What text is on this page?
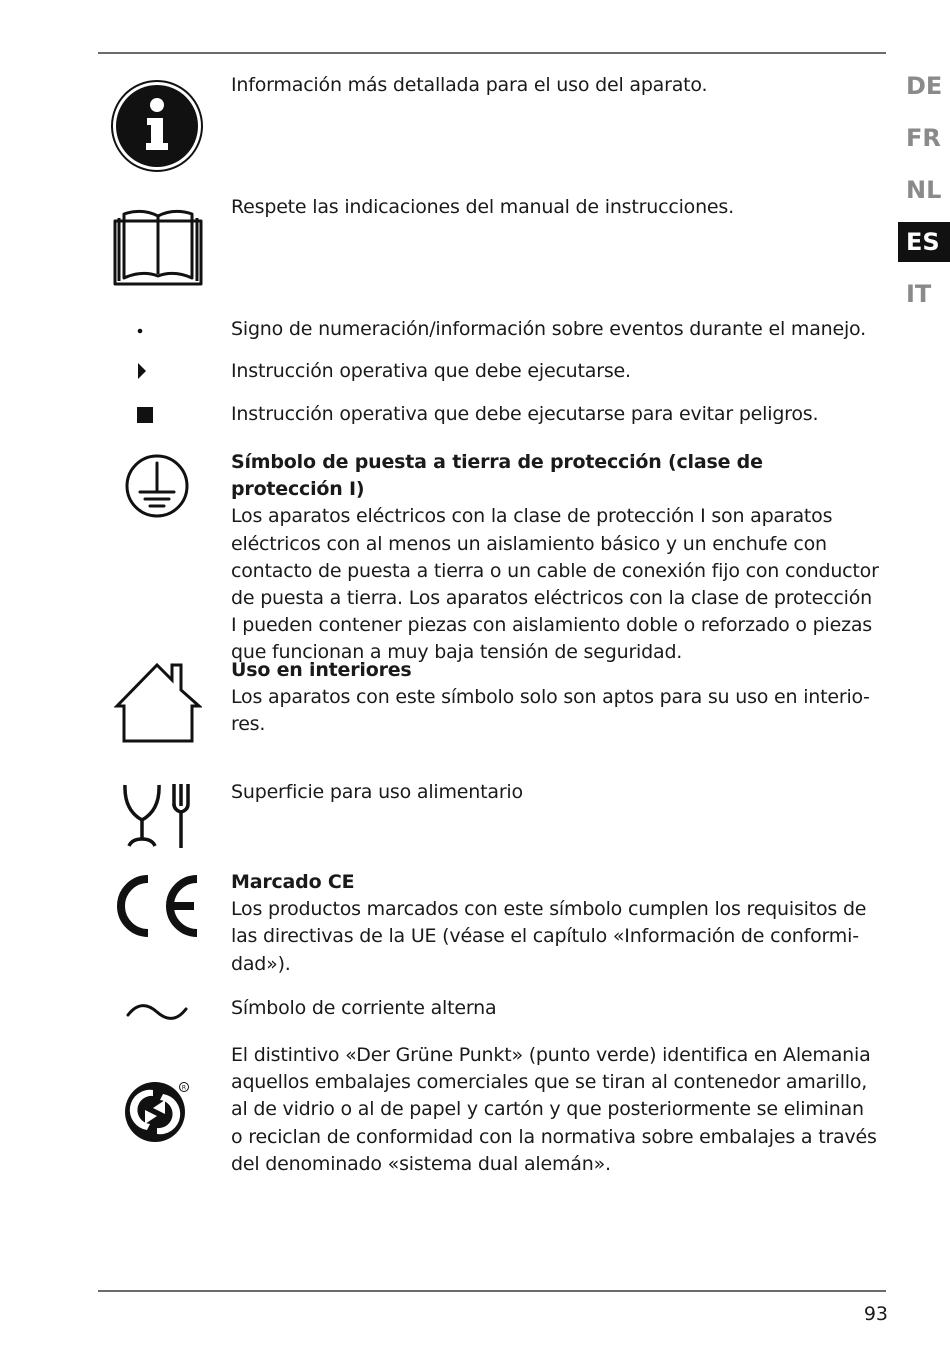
DE
FR
NL
ES
IT
Información más detallada para el uso del aparato.
Respete las indicaciones del manual de instrucciones.
Signo de numeración/información sobre eventos durante el manejo.
Instrucción operativa que debe ejecutarse.
Instrucción operativa que debe ejecutarse para evitar peligros.
Símbolo de puesta a tierra de protección (clase de protección I)
Los aparatos eléctricos con la clase de protección I son aparatos eléctricos con al menos un aislamiento básico y un enchufe con contacto de puesta a tierra o un cable de conexión fijo con conductor de puesta a tierra. Los aparatos eléctricos con la clase de protección I pueden contener piezas con aislamiento doble o reforzado o piezas que funcionan a muy baja tensión de seguridad.
Uso en interiores
Los aparatos con este símbolo solo son aptos para su uso en interiores.
Superficie para uso alimentario
Marcado CE
Los productos marcados con este símbolo cumplen los requisitos de las directivas de la UE (véase el capítulo «Información de conformidad»).
Símbolo de corriente alterna
R
El distintivo «Der Grüne Punkt» (punto verde) identifica en Alemania aquellos embalajes comerciales que se tiran al contenedor amarillo, al de vidrio o al de papel y cartón y que posteriormente se eliminan o reciclan de conformidad con la normativa sobre embalajes a través del denominado «sistema dual alemán».
93
